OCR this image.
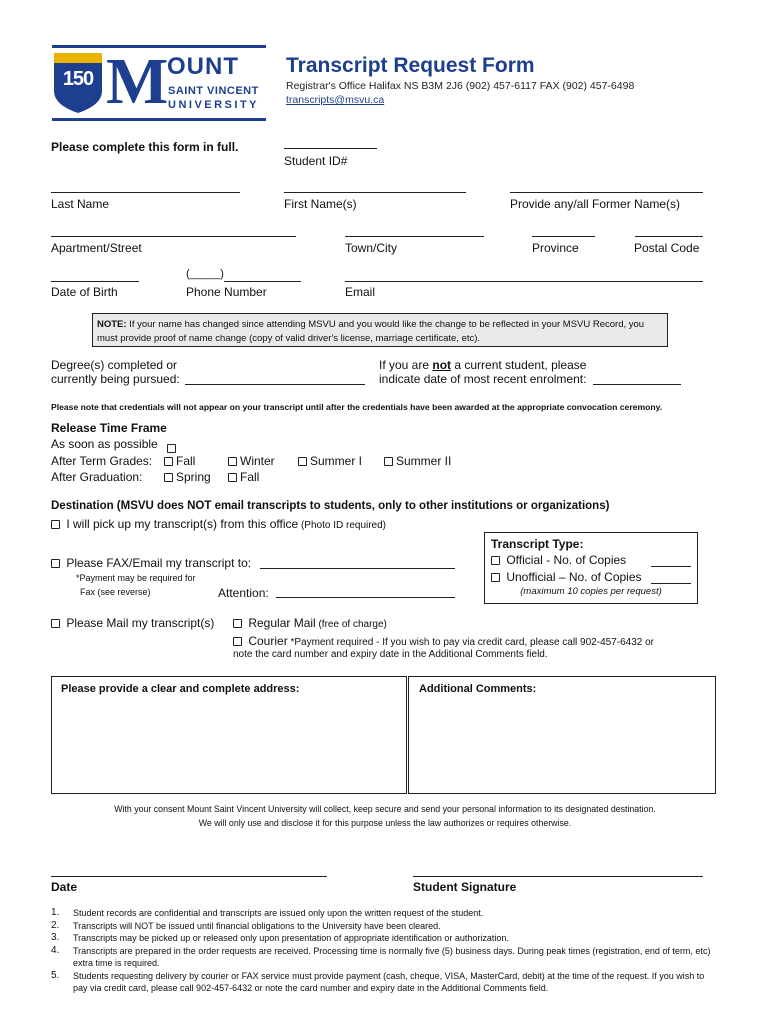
150 M
OUNT
SAINT VINCENT
UNIVERSITY
Transcript Request Form
Registrar's Office Halifax NS B3M 2J6 (902) 457-6117 FAX (902) 457-6498
transcripts@msvu.ca
Please complete this form in full.
Student ID#
Last Name	First Name(s)	Provide any/all Former Name(s)
Apartment/Street	Town/City	Province	Postal Code
Date of Birth
(_____)
Phone Number	Email
NOTE: If your name has changed since attending MSVU and you would like the change to be reflected in your MSVU Record, you must provide proof of name change (copy of valid driver's license, marriage certificate, etc).
Degree(s) completed or
currently being pursued:
If you are not a current student, please
indicate date of most recent enrolment:
Please note that credentials will not appear on your transcript until after the credentials have been awarded at the appropriate convocation ceremony.
Release Time Frame
As soon as possible
After Term Grades:	Fall	Winter	Summer I	Summer II
After Graduation:	Spring	Fall
Destination (MSVU does NOT email transcripts to students, only to other institutions or organizations)
I will pick up my transcript(s) from this office (Photo ID required)
Transcript Type:
Official - No. of Copies
Unofficial – No. of Copies
(maximum 10 copies per request)
Please FAX/Email my transcript to:
*Payment may be required for
Fax (see reverse)	Attention:
Please Mail my transcript(s)	Regular Mail (free of charge)
Courier *Payment required - If you wish to pay via credit card, please call 902-457-6432 or
note the card number and expiry date in the Additional Comments field.
Please provide a clear and complete address:	Additional Comments:
With your consent Mount Saint Vincent University will collect, keep secure and send your personal information to its designated destination.
We will only use and disclose it for this purpose unless the law authorizes or requires otherwise.
Date	Student Signature
1. Student records are confidential and transcripts are issued only upon the written request of the student.
2. Transcripts will NOT be issued until financial obligations to the University have been cleared.
3. Transcripts may be picked up or released only upon presentation of appropriate identification or authorization.
4. Transcripts are prepared in the order requests are received. Processing time is normally five (5) business days. During peak times (registration, end of term, etc) extra time is required.
5. Students requesting delivery by courier or FAX service must provide payment (cash, cheque, VISA, MasterCard, debit) at the time of the request. If you wish to pay via credit card, please call 902-457-6432 or note the card number and expiry date in the Additional Comments field.
